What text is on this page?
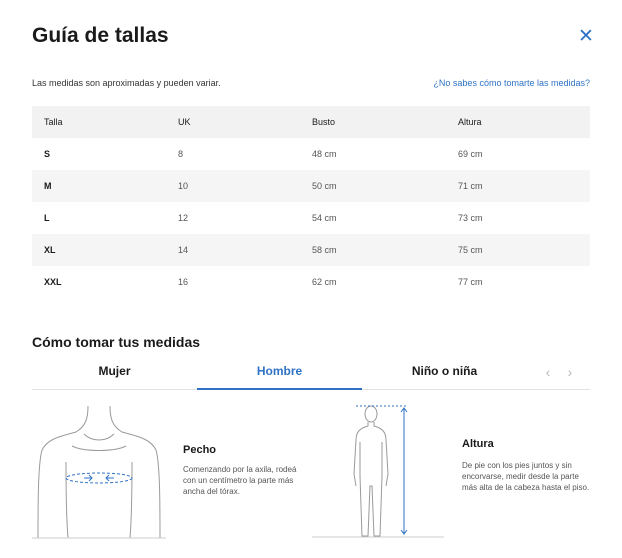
Guía de tallas	✕
Las medidas son aproximadas y pueden variar.	¿No sabes cómo tomarte las medidas?
Talla	UK	Busto	Altura
S	8	48 cm	69 cm
M	10	50 cm	71 cm
L	12	54 cm	73 cm
XL	14	58 cm	75 cm
XXL	16	62 cm	77 cm
Cómo tomar tus medidas
Mujer	Hombre	Niño o niña	‹	›
Pecho
Comenzando por la axila, rodeá con un centímetro la parte más ancha del tórax.
Altura
De pie con los pies juntos y sin encorvarse, medir desde la parte más alta de la cabeza hasta el piso.
